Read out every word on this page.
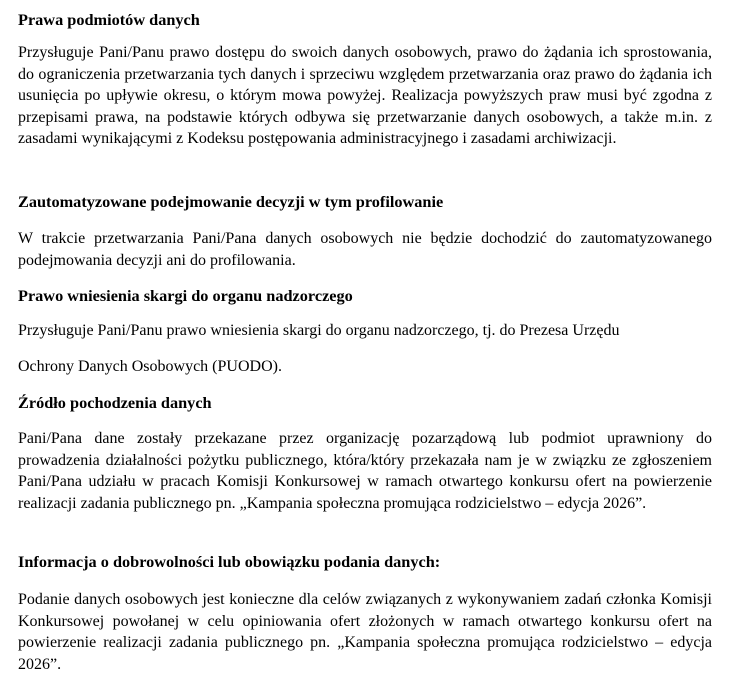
Prawa podmiotów danych

Przysługuje Pani/Panu prawo dostępu do swoich danych osobowych, prawo do żądania ich sprostowania, do ograniczenia przetwarzania tych danych i sprzeciwu względem przetwarzania oraz prawo do żądania ich usunięcia po upływie okresu, o którym mowa powyżej. Realizacja powyższych praw musi być zgodna z przepisami prawa, na podstawie których odbywa się przetwarzanie danych osobowych, a także m.in. z zasadami wynikającymi z Kodeksu postępowania administracyjnego i zasadami archiwizacji.

Zautomatyzowane podejmowanie decyzji w tym profilowanie

W trakcie przetwarzania Pani/Pana danych osobowych nie będzie dochodzić do zautomatyzowanego podejmowania decyzji ani do profilowania.

Prawo wniesienia skargi do organu nadzorczego

Przysługuje Pani/Panu prawo wniesienia skargi do organu nadzorczego, tj. do Prezesa Urzędu

Ochrony Danych Osobowych (PUODO).

Źródło pochodzenia danych

Pani/Pana dane zostały przekazane przez organizację pozarządową lub podmiot uprawniony do prowadzenia działalności pożytku publicznego, która/który przekazała nam je w związku ze zgłoszeniem Pani/Pana udziału w pracach Komisji Konkursowej w ramach otwartego konkursu ofert na powierzenie realizacji zadania publicznego pn. „Kampania społeczna promująca rodzicielstwo – edycja 2026”.

Informacja o dobrowolności lub obowiązku podania danych:

Podanie danych osobowych jest konieczne dla celów związanych z wykonywaniem zadań członka Komisji Konkursowej powołanej w celu opiniowania ofert złożonych w ramach otwartego konkursu ofert na powierzenie realizacji zadania publicznego pn. „Kampania społeczna promująca rodzicielstwo – edycja 2026”.
